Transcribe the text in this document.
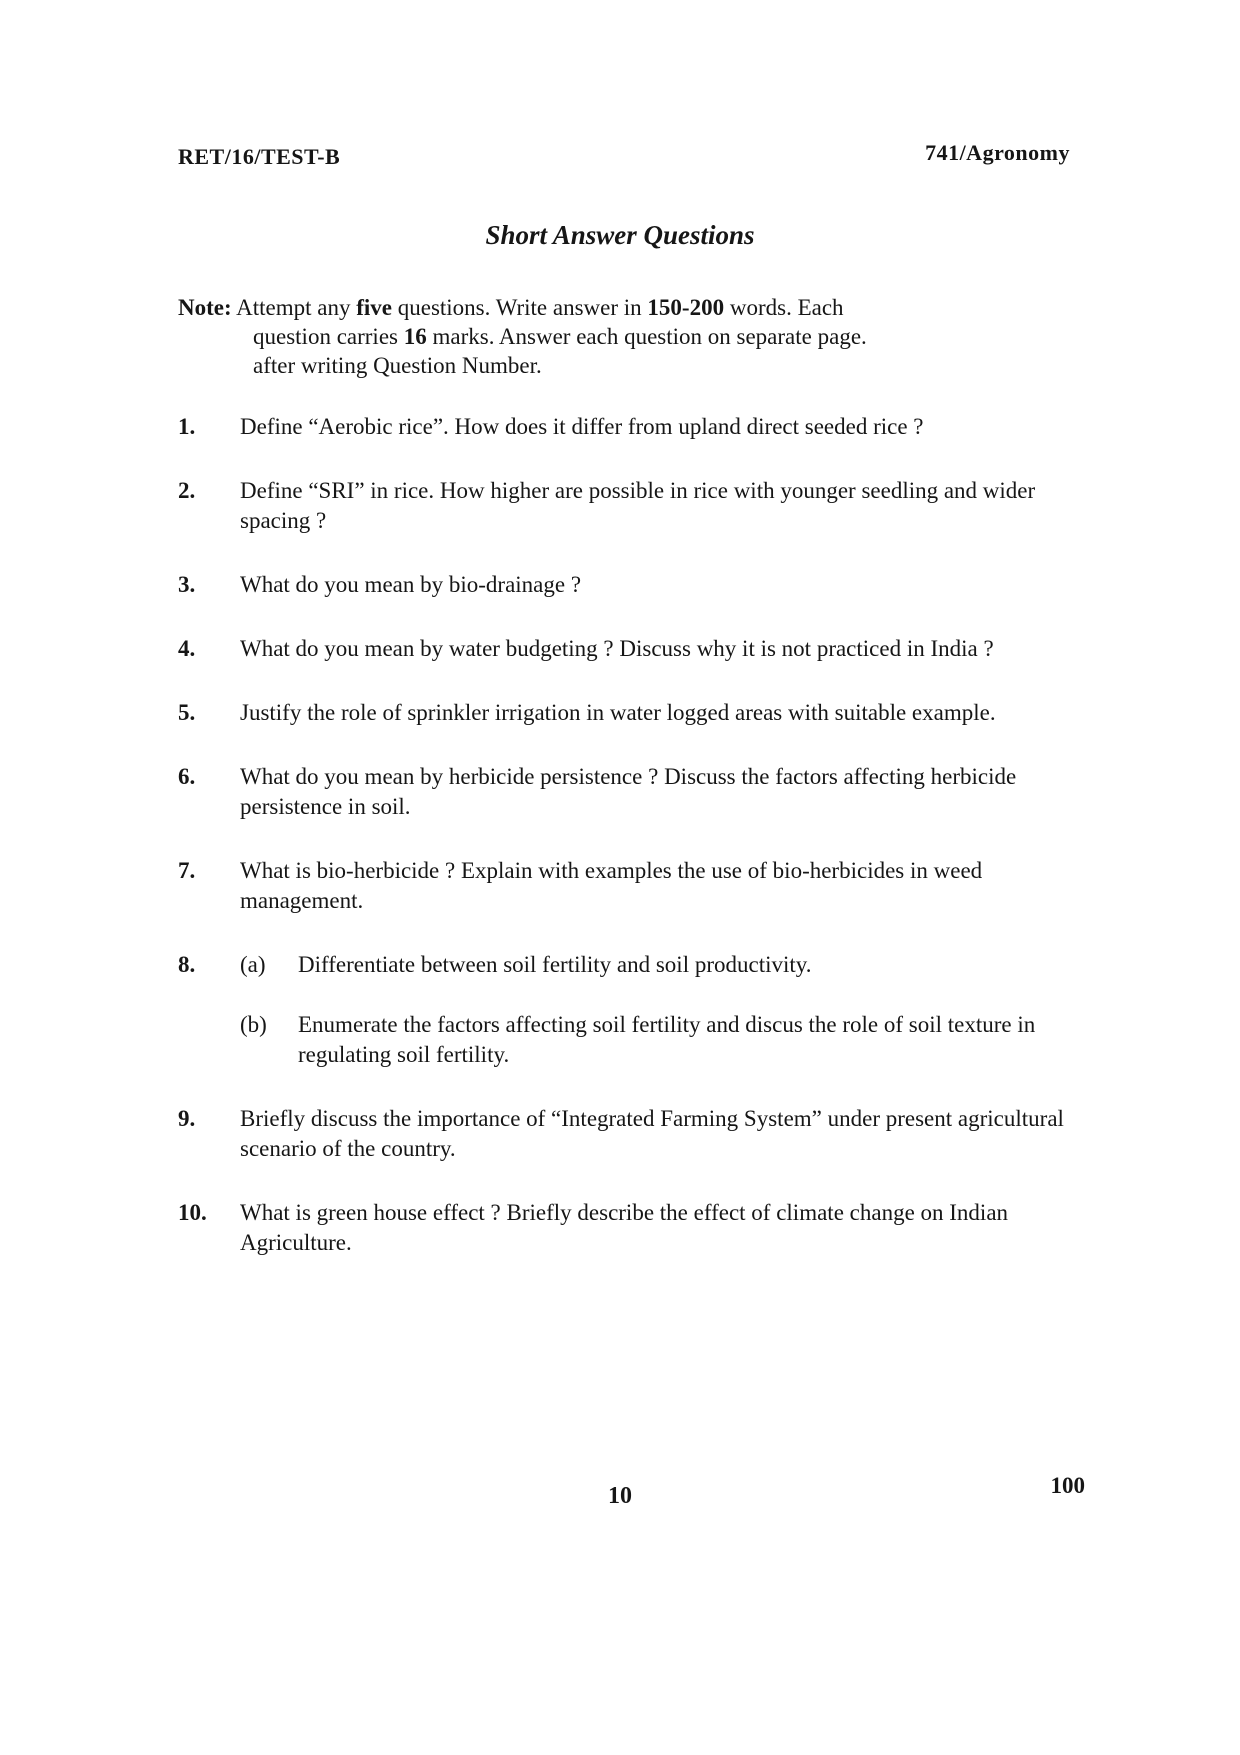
RET/16/TEST-B	741/Agronomy
Short Answer Questions
Note: Attempt any five questions. Write answer in 150-200 words. Each
question carries 16 marks. Answer each question on separate page.
after writing Question Number.
1.	Define “Aerobic rice”. How does it differ from upland direct seeded rice ?
2.	Define “SRI” in rice. How higher are possible in rice with younger seedling and wider spacing ?
3.	What do you mean by bio-drainage ?
4.	What do you mean by water budgeting ? Discuss why it is not practiced in India ?
5.	Justify the role of sprinkler irrigation in water logged areas with suitable example.
6.	What do you mean by herbicide persistence ? Discuss the factors affecting herbicide persistence in soil.
7.	What is bio-herbicide ? Explain with examples the use of bio-herbicides in weed management.
8.	(a)	Differentiate between soil fertility and soil productivity.
(b)	Enumerate the factors affecting soil fertility and discus the role of soil texture in regulating soil fertility.
9.	Briefly discuss the importance of “Integrated Farming System” under present agricultural scenario of the country.
10.	What is green house effect ? Briefly describe the effect of climate change on Indian Agriculture.
10	100
